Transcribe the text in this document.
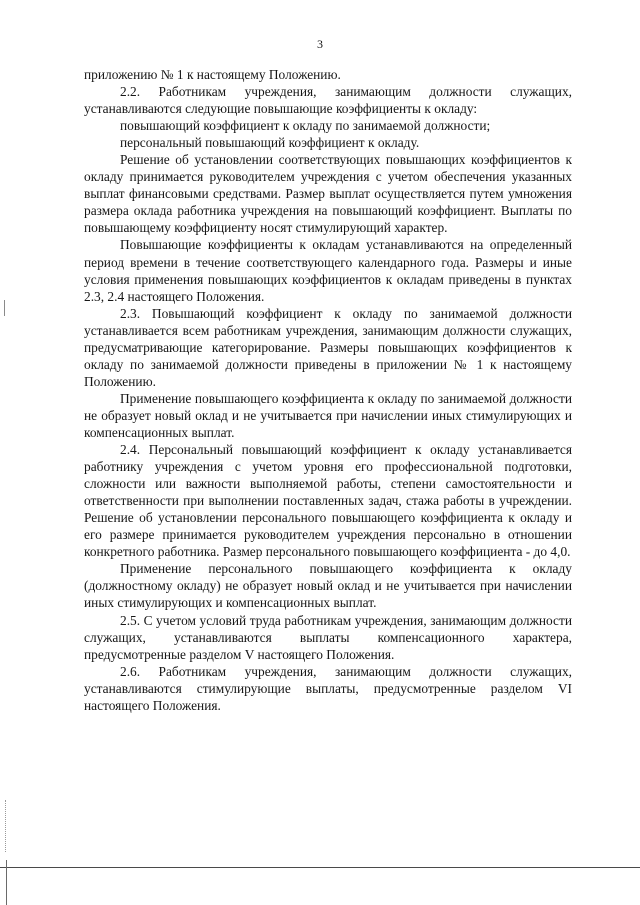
3

приложению № 1 к настоящему Положению.

2.2. Работникам учреждения, занимающим должности служащих, устанавливаются следующие повышающие коэффициенты к окладу:

повышающий коэффициент к окладу по занимаемой должности;

персональный повышающий коэффициент к окладу.

Решение об установлении соответствующих повышающих коэффициентов к окладу принимается руководителем учреждения с учетом обеспечения указанных выплат финансовыми средствами. Размер выплат осуществляется путем умножения размера оклада работника учреждения на повышающий коэффициент. Выплаты по повышающему коэффициенту носят стимулирующий характер.

Повышающие коэффициенты к окладам устанавливаются на определенный период времени в течение соответствующего календарного года. Размеры и иные условия применения повышающих коэффициентов к окладам приведены в пунктах 2.3, 2.4 настоящего Положения.

2.3. Повышающий коэффициент к окладу по занимаемой должности устанавливается всем работникам учреждения, занимающим должности служащих, предусматривающие категорирование. Размеры повышающих коэффициентов к окладу по занимаемой должности приведены в приложении № 1 к настоящему Положению.

Применение повышающего коэффициента к окладу по занимаемой должности не образует новый оклад и не учитывается при начислении иных стимулирующих и компенсационных выплат.

2.4. Персональный повышающий коэффициент к окладу устанавливается работнику учреждения с учетом уровня его профессиональной подготовки, сложности или важности выполняемой работы, степени самостоятельности и ответственности при выполнении поставленных задач, стажа работы в учреждении. Решение об установлении персонального повышающего коэффициента к окладу и его размере принимается руководителем учреждения персонально в отношении конкретного работника. Размер персонального повышающего коэффициента - до 4,0.

Применение персонального повышающего коэффициента к окладу (должностному окладу) не образует новый оклад и не учитывается при начислении иных стимулирующих и компенсационных выплат.

2.5. С учетом условий труда работникам учреждения, занимающим должности служащих, устанавливаются выплаты компенсационного характера, предусмотренные разделом V настоящего Положения.

2.6. Работникам учреждения, занимающим должности служащих, устанавливаются стимулирующие выплаты, предусмотренные разделом VI настоящего Положения.
